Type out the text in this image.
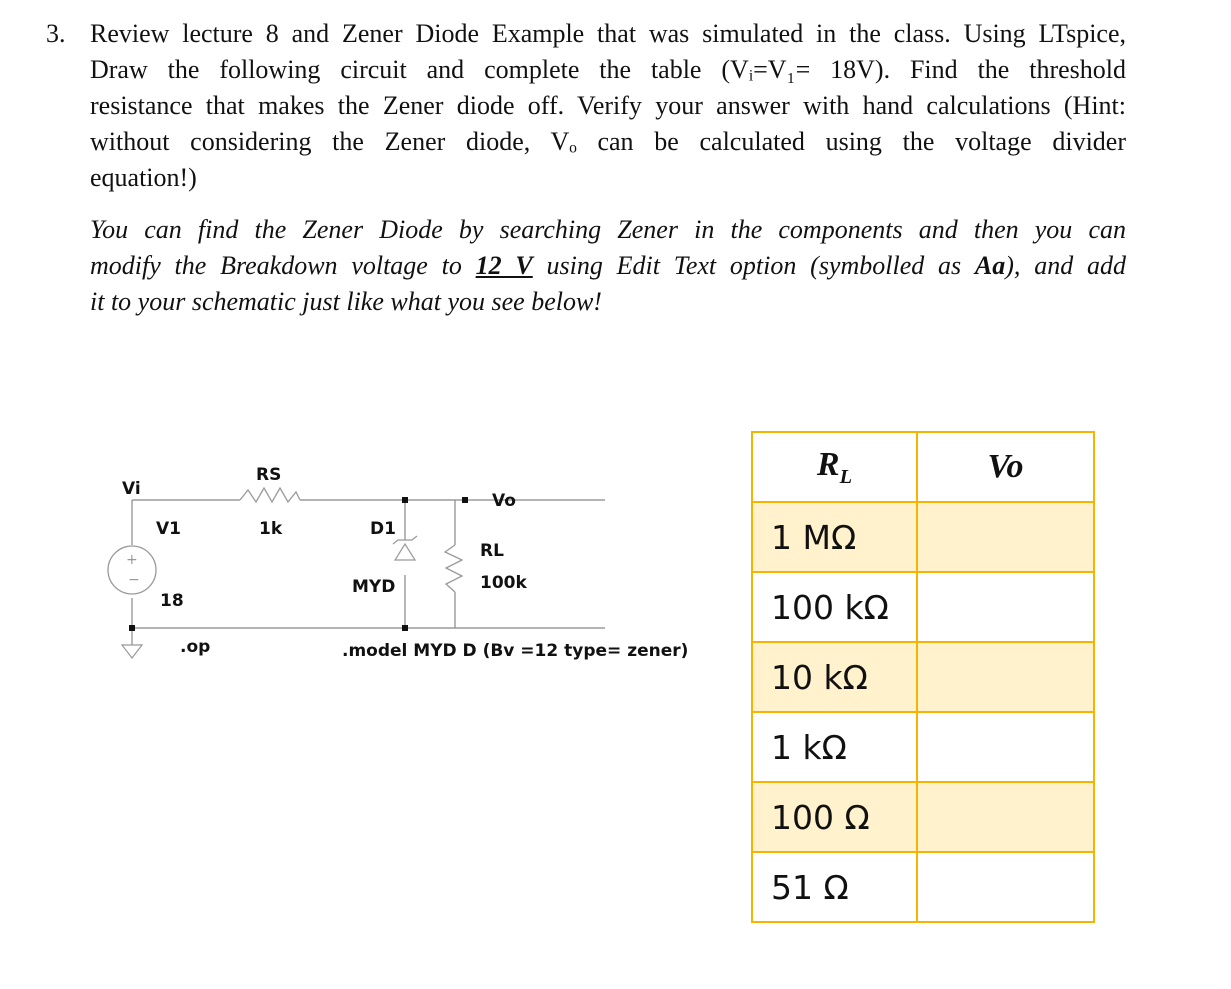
3. Review lecture 8 and Zener Diode Example that was simulated in the class. Using LTspice,
Draw the following circuit and complete the table (Vᵢ=V₁= 18V). Find the threshold
resistance that makes the Zener diode off. Verify your answer with hand calculations (Hint:
without considering the Zener diode, Vₒ can be calculated using the voltage divider
equation!)
You can find the Zener Diode by searching Zener in the components and then you can
modify the Breakdown voltage to 12 V using Edit Text option (symbolled as Aa), and add
it to your schematic just like what you see below!
+
−
Vi
RS
1k
Vo
V1
18
D1
MYD
RL
100k
.op	.model MYD D (Bv =12 type= zener)
$R_L$	Vo
1 MΩ	
100 kΩ	
10 kΩ	
1 kΩ	
100 Ω	
51 Ω	
